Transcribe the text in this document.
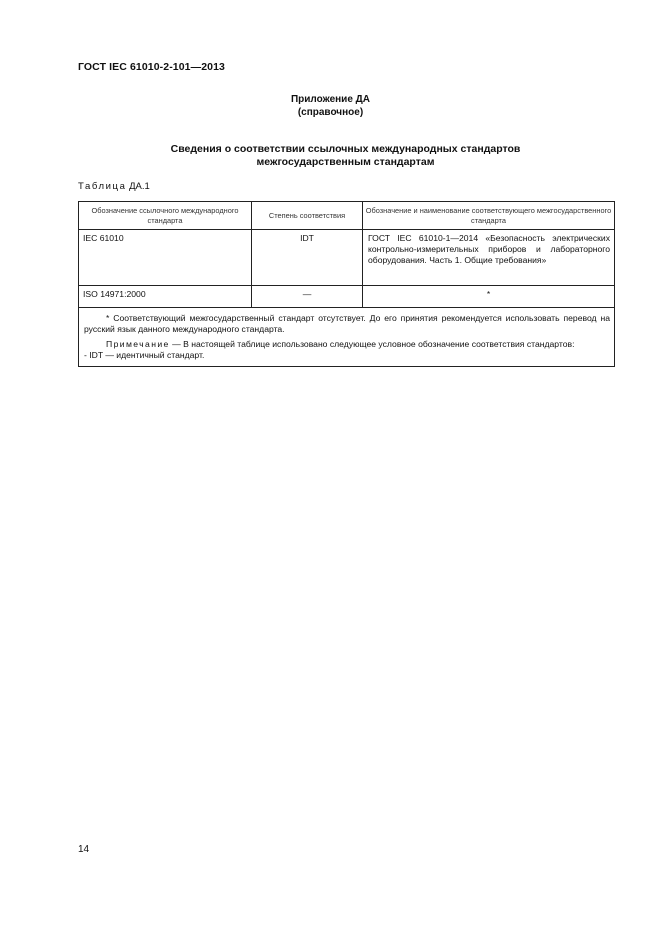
ГОСТ IEC 61010-2-101—2013
Приложение ДА
(справочное)
Сведения о соответствии ссылочных международных стандартов
межгосударственным стандартам
Таблица ДА.1
Обозначение ссылочного международного стандарта	Степень соответствия	Обозначение и наименование соответствующего межгосударственного стандарта
IEC 61010	IDT	ГОСТ IEC 61010-1—2014 «Безопасность электрических контрольно-измерительных приборов и лабораторного оборудования. Часть 1. Общие требования»
ISO 14971:2000	—	*

* Соответствующий межгосударственный стандарт отсутствует. До его принятия рекомендуется использовать перевод на русский язык данного международного стандарта.

Примечание — В настоящей таблице использовано следующее условное обозначение соответствия стандартов:

- IDT — идентичный стандарт.		

14
